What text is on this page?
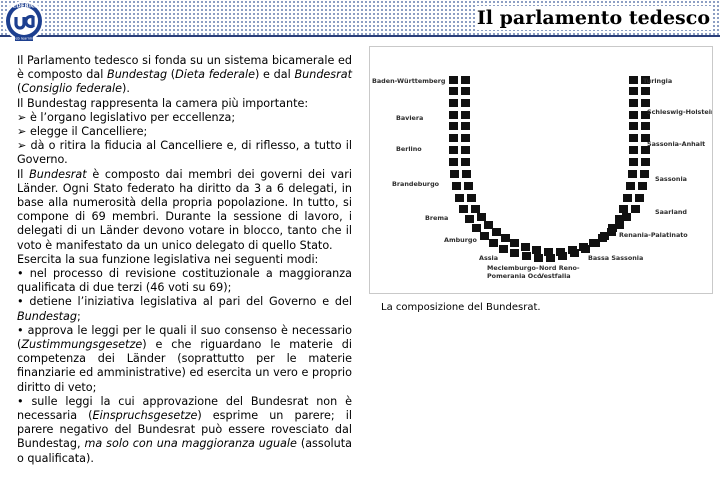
FEDERICA
web learning
Il parlamento tedesco

Il Parlamento tedesco si fonda su un sistema bicamerale ed è composto dal Bundestag (Dieta federale) e dal Bundesrat (Consiglio federale).

Il Bundestag rappresenta la camera più importante:

➢ è l’organo legislativo per eccellenza;

➢ elegge il Cancelliere;

➢ dà o ritira la fiducia al Cancelliere e, di riflesso, a tutto il Governo.

Il Bundesrat è composto dai membri dei governi dei vari Länder. Ogni Stato federato ha diritto da 3 a 6 delegati, in base alla numerosità della propria popolazione. In tutto, si compone di 69 membri. Durante la sessione di lavoro, i delegati di un Länder devono votare in blocco, tanto che il voto è manifestato da un unico delegato di quello Stato.

Esercita la sua funzione legislativa nei seguenti modi:

• nel processo di revisione costituzionale a maggioranza qualificata di due terzi (46 voti su 69);

• detiene l’iniziativa legislativa al pari del Governo e del Bundestag;

• approva le leggi per le quali il suo consenso è necessario (Zustimmungsgesetze) e che riguardano le materie di competenza dei Länder (soprattutto per le materie finanziarie ed amministrative) ed esercita un vero e proprio diritto di veto;

• sulle leggi la cui approvazione del Bundesrat non è necessaria (Einspruchsgesetze) esprime un parere; il parere negativo del Bundesrat può essere rovesciato dal Bundestag, ma solo con una maggioranza uguale (assoluta o qualificata).

Baden-Württemberg
Baviera
Berlino
Brandeburgo
Brema
Amburgo
Assia
Meclemburgo-
Pomerania Occ.
Nord Reno-
Vestfalia
Bassa Sassonia
Renania-Palatinato
Saarland
Sassonia
Sassonia-Anhalt
Schleswig-Holstein
Turingia
La composizione del Bundesrat.
